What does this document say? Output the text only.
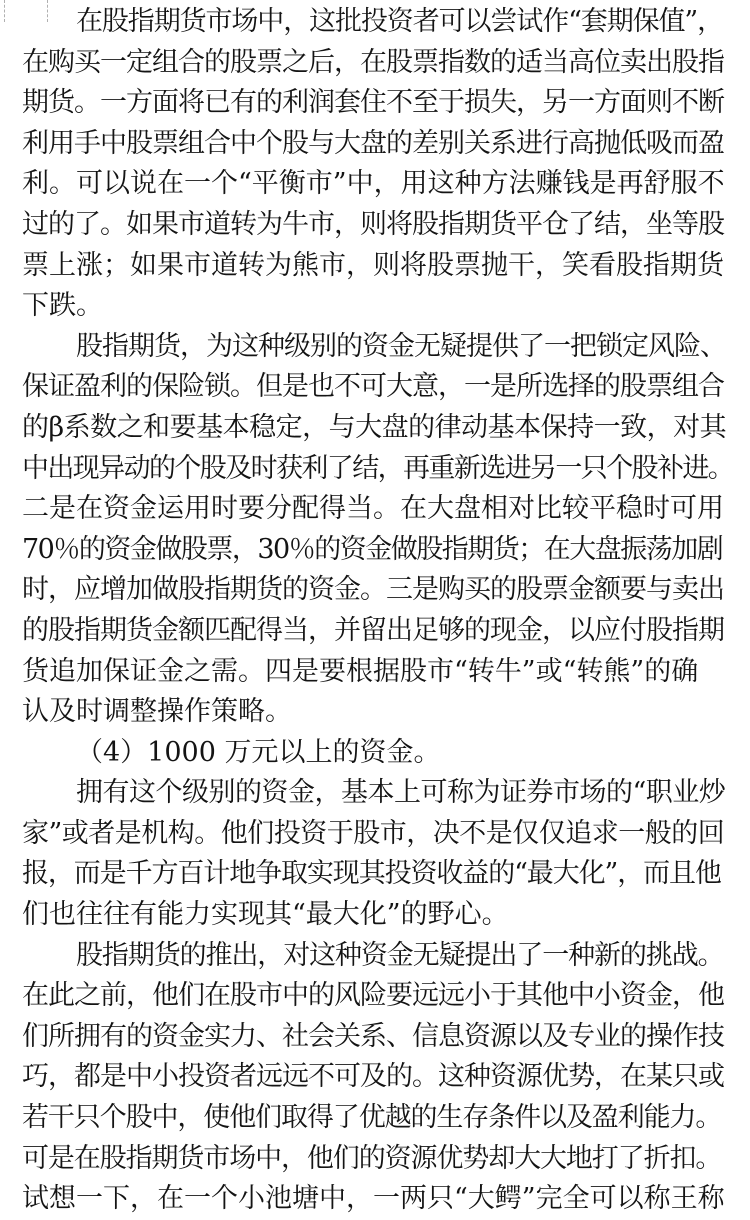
在股指期货市场中，这批投资者可以尝试作“套期保值”，
在购买一定组合的股票之后，在股票指数的适当高位卖出股指
期货。一方面将已有的利润套住不至于损失，另一方面则不断
利用手中股票组合中个股与大盘的差别关系进行高抛低吸而盈
利。可以说在一个“平衡市”中，用这种方法赚钱是再舒服不
过的了。如果市道转为牛市，则将股指期货平仓了结，坐等股
票上涨；如果市道转为熊市，则将股票抛干，笑看股指期货
下跌。
股指期货，为这种级别的资金无疑提供了一把锁定风险、
保证盈利的保险锁。但是也不可大意，一是所选择的股票组合
的β系数之和要基本稳定，与大盘的律动基本保持一致，对其
中出现异动的个股及时获利了结，再重新选进另一只个股补进。
二是在资金运用时要分配得当。在大盘相对比较平稳时可用
70％的资金做股票，30％的资金做股指期货；在大盘振荡加剧
时，应增加做股指期货的资金。三是购买的股票金额要与卖出
的股指期货金额匹配得当，并留出足够的现金，以应付股指期
货追加保证金之需。四是要根据股市“转牛”或“转熊”的确
认及时调整操作策略。
（4）1000 万元以上的资金。
拥有这个级别的资金，基本上可称为证券市场的“职业炒
家”或者是机构。他们投资于股市，决不是仅仅追求一般的回
报，而是千方百计地争取实现其投资收益的“最大化”，而且他
们也往往有能力实现其“最大化”的野心。
股指期货的推出，对这种资金无疑提出了一种新的挑战。
在此之前，他们在股市中的风险要远远小于其他中小资金，他
们所拥有的资金实力、社会关系、信息资源以及专业的操作技
巧，都是中小投资者远远不可及的。这种资源优势，在某只或
若干只个股中，使他们取得了优越的生存条件以及盈利能力。
可是在股指期货市场中，他们的资源优势却大大地打了折扣。
试想一下，在一个小池塘中，一两只“大鳄”完全可以称王称
